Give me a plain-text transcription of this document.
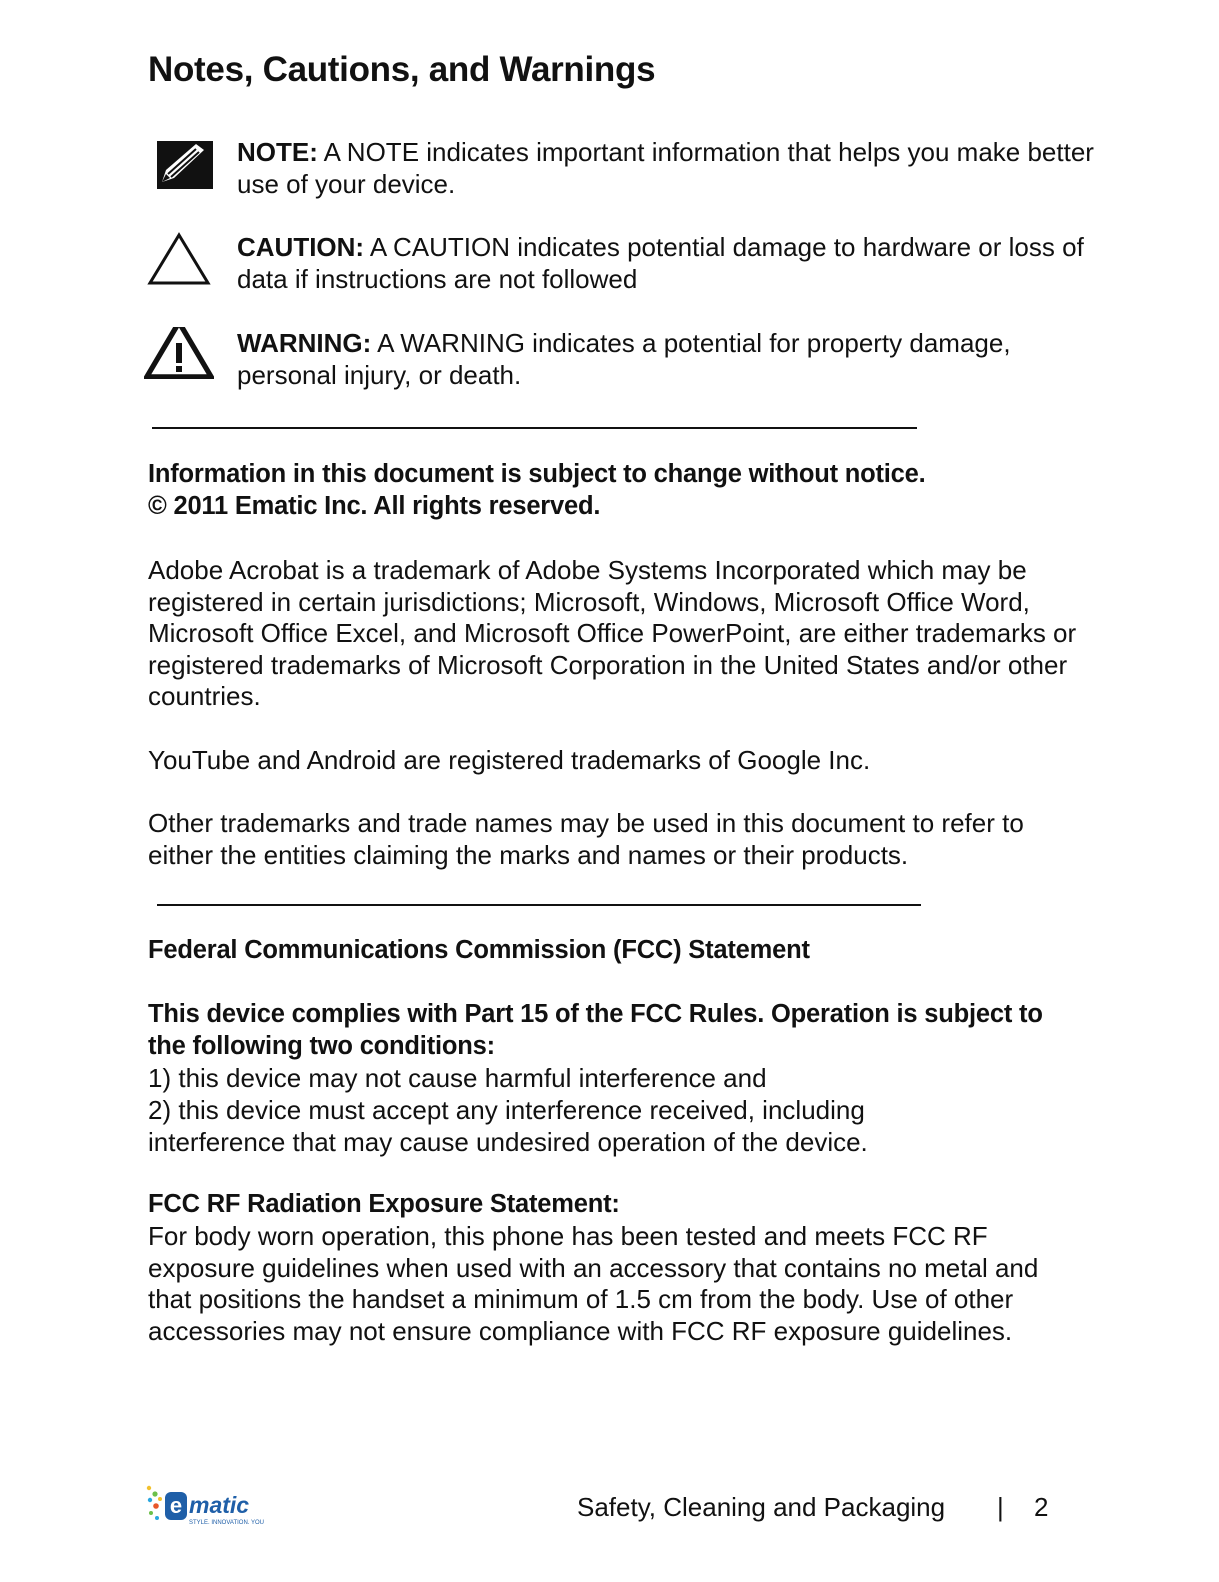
Notes, Cautions, and Warnings
NOTE: A NOTE indicates important information that helps you make better use of your device.
CAUTION: A CAUTION indicates potential damage to hardware or loss of data if instructions are not followed
WARNING: A WARNING indicates a potential for property damage, personal injury, or death.

Information in this document is subject to change without notice.
© 2011 Ematic Inc. All rights reserved.

Adobe Acrobat is a trademark of Adobe Systems Incorporated which may be registered in certain jurisdictions; Microsoft, Windows, Microsoft Office Word, Microsoft Office Excel, and Microsoft Office PowerPoint, are either trademarks or registered trademarks of Microsoft Corporation in the United States and/or other countries.

YouTube and Android are registered trademarks of Google Inc.

Other trademarks and trade names may be used in this document to refer to either the entities claiming the marks and names or their products.

Federal Communications Commission (FCC) Statement

This device complies with Part 15 of the FCC Rules. Operation is subject to the following two conditions:

1) this device may not cause harmful interference and

2) this device must accept any interference received, including interference that may cause undesired operation of the device.

FCC RF Radiation Exposure Statement:

For body worn operation, this phone has been tested and meets FCC RF exposure guidelines when used with an accessory that contains no metal and that positions the handset a minimum of 1.5 cm from the body. Use of other accessories may not ensure compliance with FCC RF exposure guidelines.

e matic
STYLE. INNOVATION. YOU
Safety, Cleaning and Packaging | 2
